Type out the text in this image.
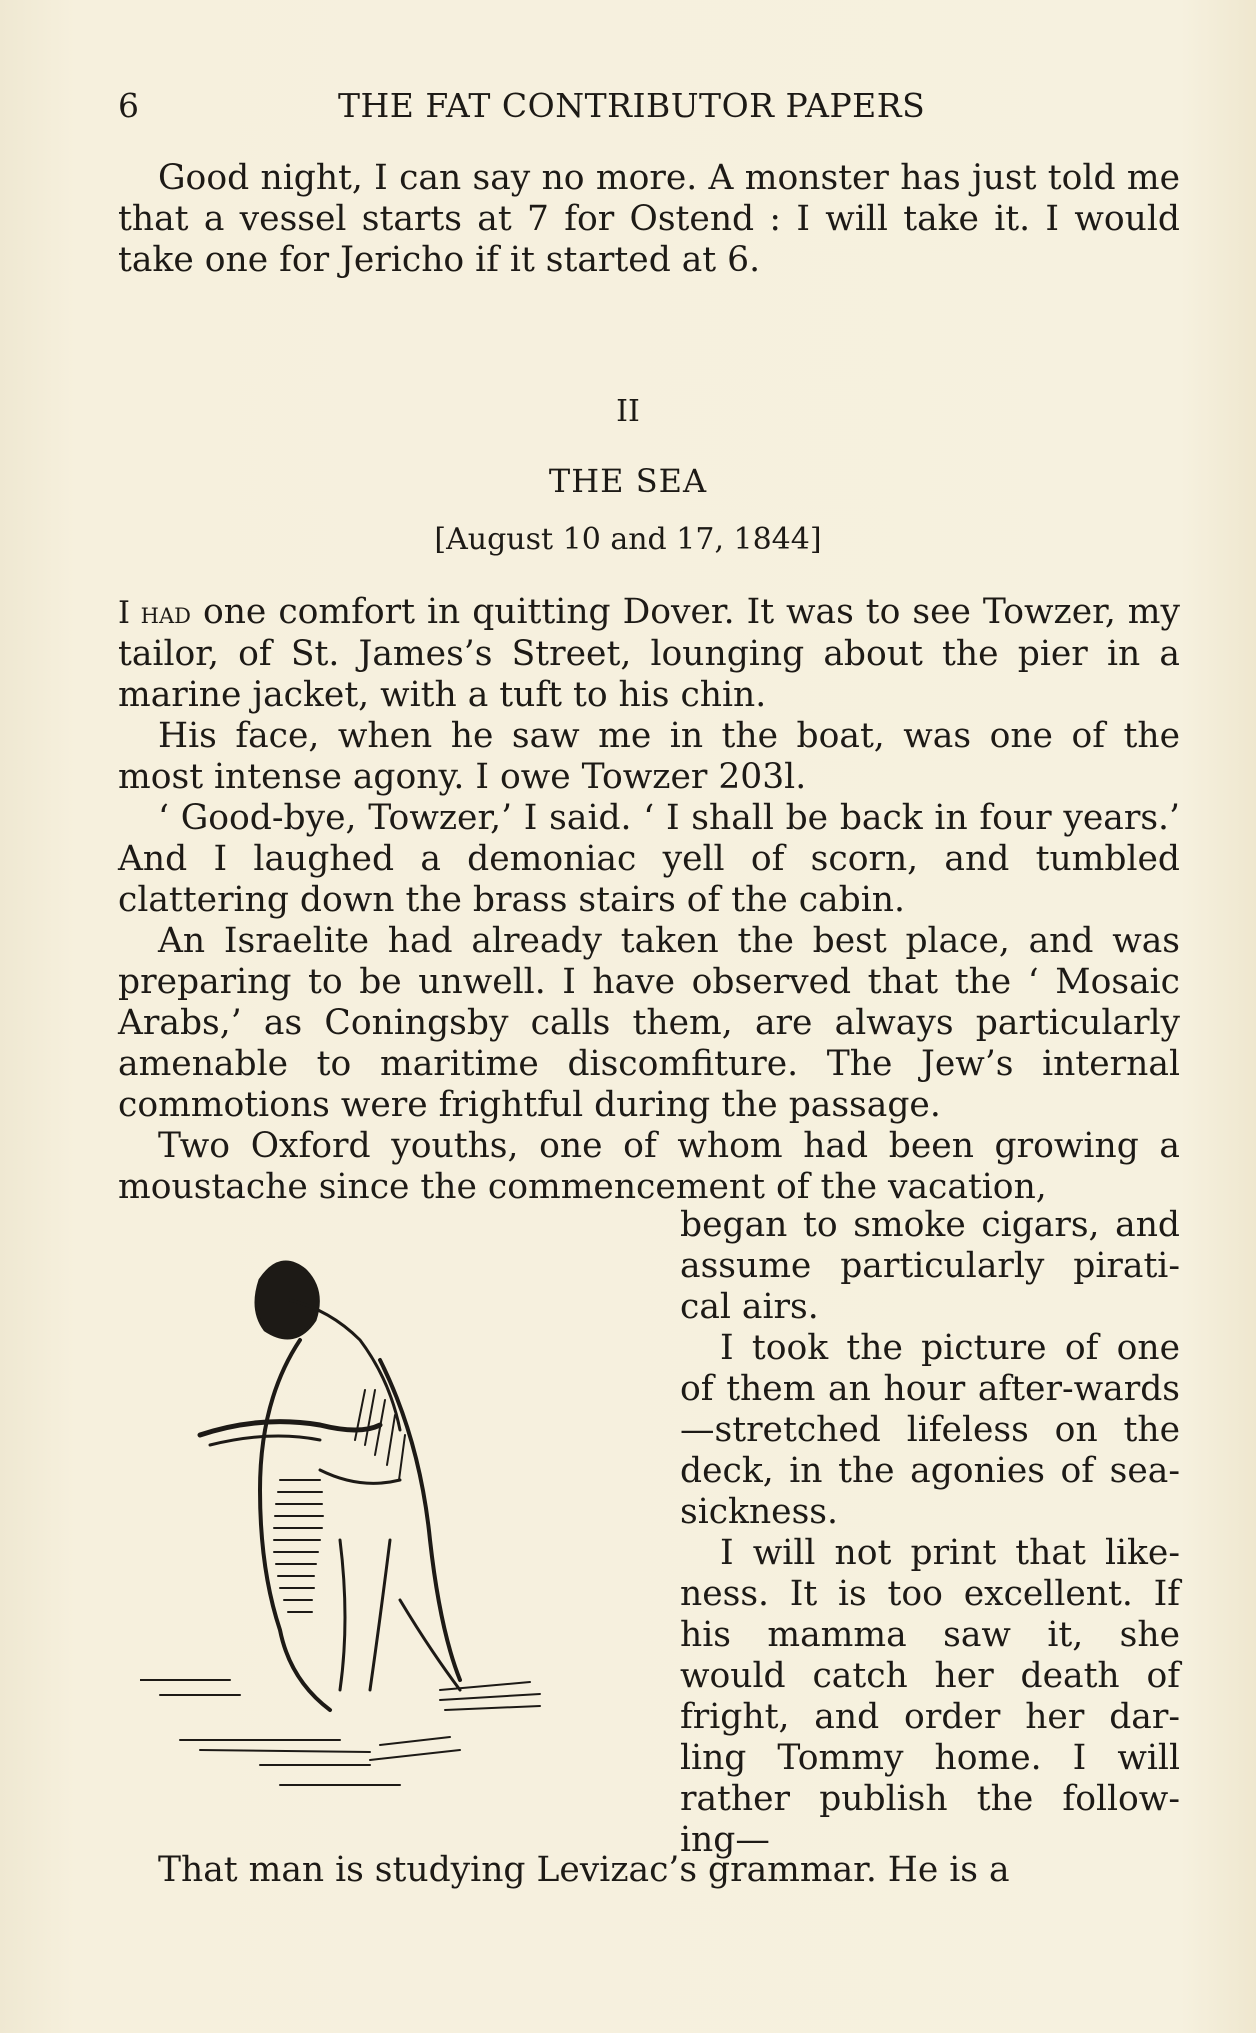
6	THE FAT CONTRIBUTOR PAPERS

Good night, I can say no more. A monster has just told me that a vessel starts at 7 for Ostend : I will take it. I would take one for Jericho if it started at 6.

II
THE SEA
[August 10 and 17, 1844]

I had one comfort in quitting Dover. It was to see Towzer, my tailor, of St. James’s Street, lounging about the pier in a marine jacket, with a tuft to his chin.

His face, when he saw me in the boat, was one of the most intense agony. I owe Towzer 203l.

‘ Good-bye, Towzer,’ I said. ‘ I shall be back in four years.’ And I laughed a demoniac yell of scorn, and tumbled clattering down the brass stairs of the cabin.

An Israelite had already taken the best place, and was preparing to be unwell. I have observed that the ‘ Mosaic Arabs,’ as Coningsby calls them, are always particularly amenable to maritime discomfiture. The Jew’s internal commotions were frightful during the passage.

Two Oxford youths, one of whom had been growing a moustache since the commencement of the vacation,

began to smoke cigars, and assume particularly pirati-cal airs.

I took the picture of one of them an hour after-wards—stretched lifeless on the deck, in the agonies of sea-sickness.

I will not print that like-ness. It is too excellent. If his mamma saw it, she would catch her death of fright, and order her dar-ling Tommy home. I will rather publish the follow-ing—

That man is studying Levizac’s grammar. He is a
